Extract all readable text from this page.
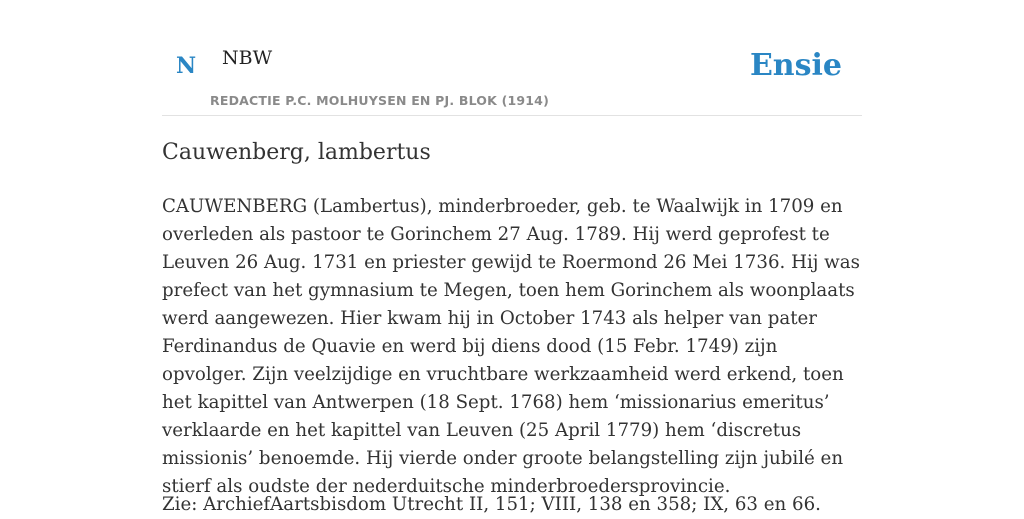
N NBW
REDACTIE P.C. MOLHUYSEN EN PJ. BLOK (1914)
Ensie
Cauwenberg, lambertus

CAUWENBERG (Lambertus), minderbroeder, geb. te Waalwijk in 1709 en overleden als pastoor te Gorinchem 27 Aug. 1789. Hij werd geprofest te Leuven 26 Aug. 1731 en priester gewijd te Roermond 26 Mei 1736. Hij was prefect van het gymnasium te Megen, toen hem Gorinchem als woonplaats werd aangewezen. Hier kwam hij in October 1743 als helper van pater Ferdinandus de Quavie en werd bij diens dood (15 Febr. 1749) zijn opvolger. Zijn veelzijdige en vruchtbare werkzaamheid werd erkend, toen het kapittel van Antwerpen (18 Sept. 1768) hem ‘missionarius emeritus’ verklaarde en het kapittel van Leuven (25 April 1779) hem ‘discretus missionis’ benoemde. Hij vierde onder groote belangstelling zijn jubilé en stierf als oudste der nederduitsche minderbroedersprovincie.

Zie: ArchiefAartsbisdom Utrecht II, 151; VIII, 138 en 358; IX, 63 en 66.
